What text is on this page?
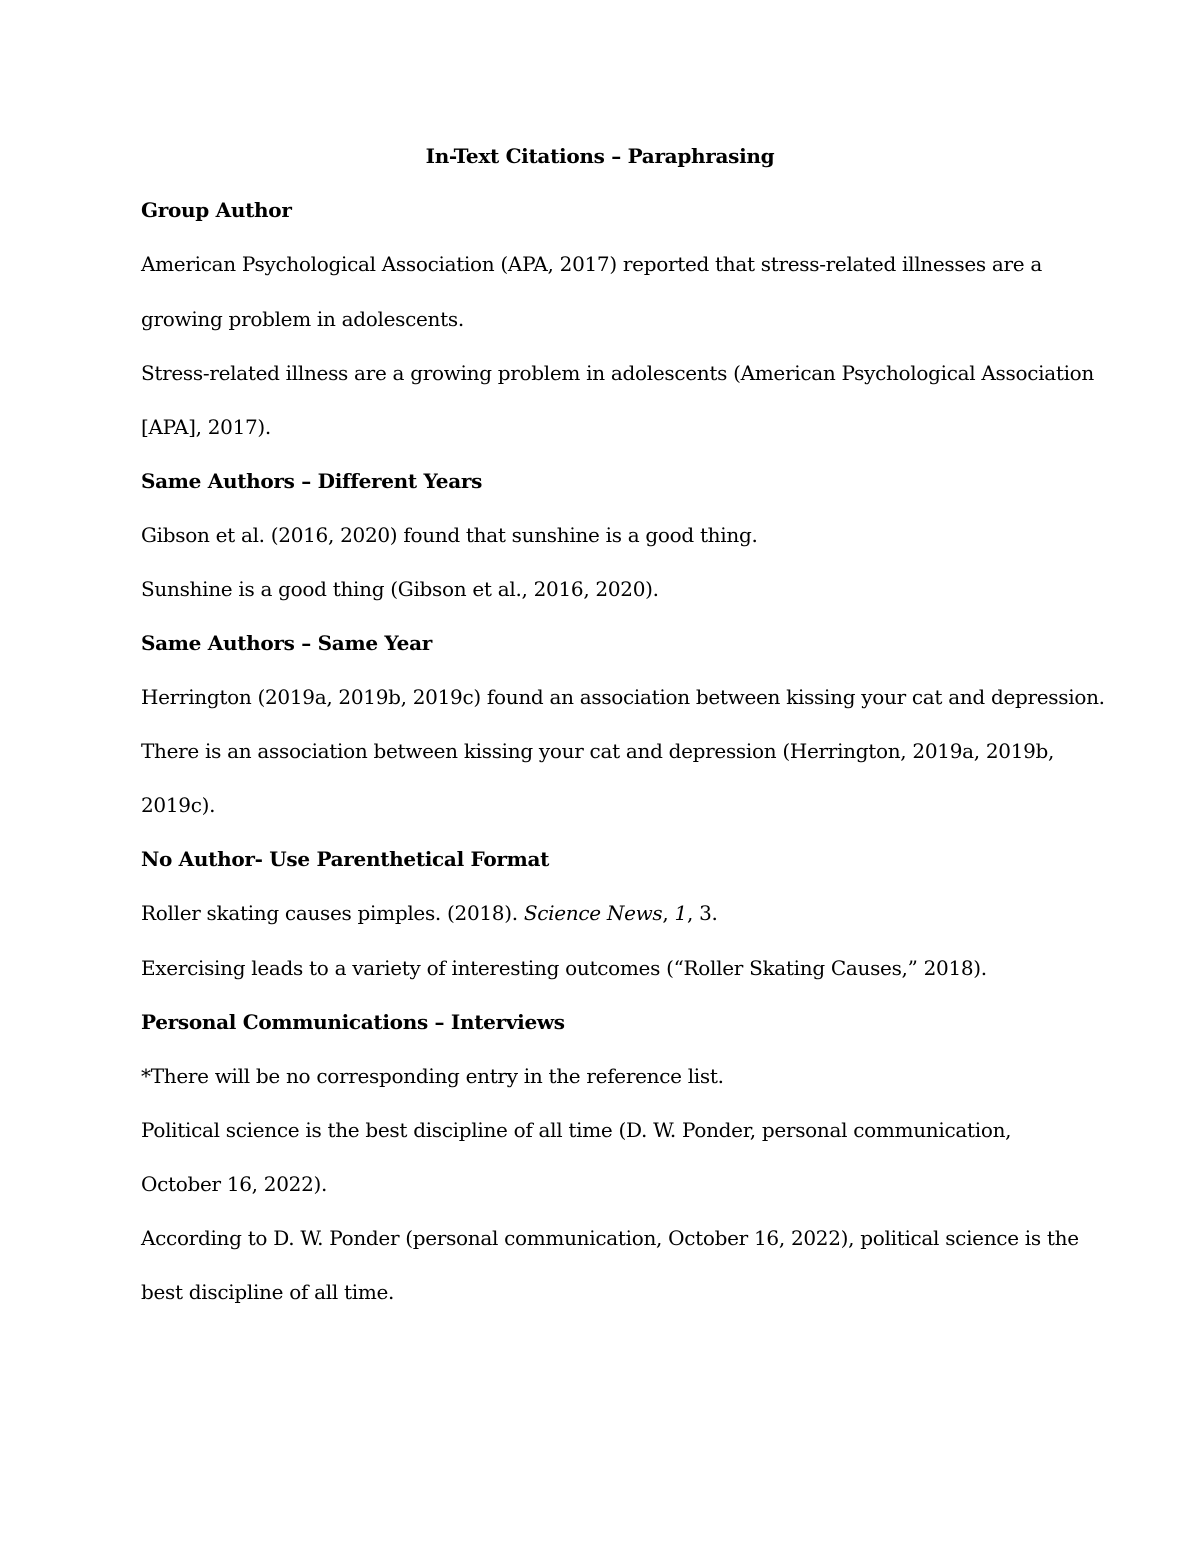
In-Text Citations – Paraphrasing
Group Author
American Psychological Association (APA, 2017) reported that stress-related illnesses are a
growing problem in adolescents.
Stress-related illness are a growing problem in adolescents (American Psychological Association
[APA], 2017).
Same Authors – Different Years
Gibson et al. (2016, 2020) found that sunshine is a good thing.
Sunshine is a good thing (Gibson et al., 2016, 2020).
Same Authors – Same Year
Herrington (2019a, 2019b, 2019c) found an association between kissing your cat and depression.
There is an association between kissing your cat and depression (Herrington, 2019a, 2019b,
2019c).
No Author- Use Parenthetical Format
Roller skating causes pimples. (2018). Science News, 1, 3.
Exercising leads to a variety of interesting outcomes (“Roller Skating Causes,” 2018).
Personal Communications – Interviews
*There will be no corresponding entry in the reference list.
Political science is the best discipline of all time (D. W. Ponder, personal communication,
October 16, 2022).
According to D. W. Ponder (personal communication, October 16, 2022), political science is the
best discipline of all time.
